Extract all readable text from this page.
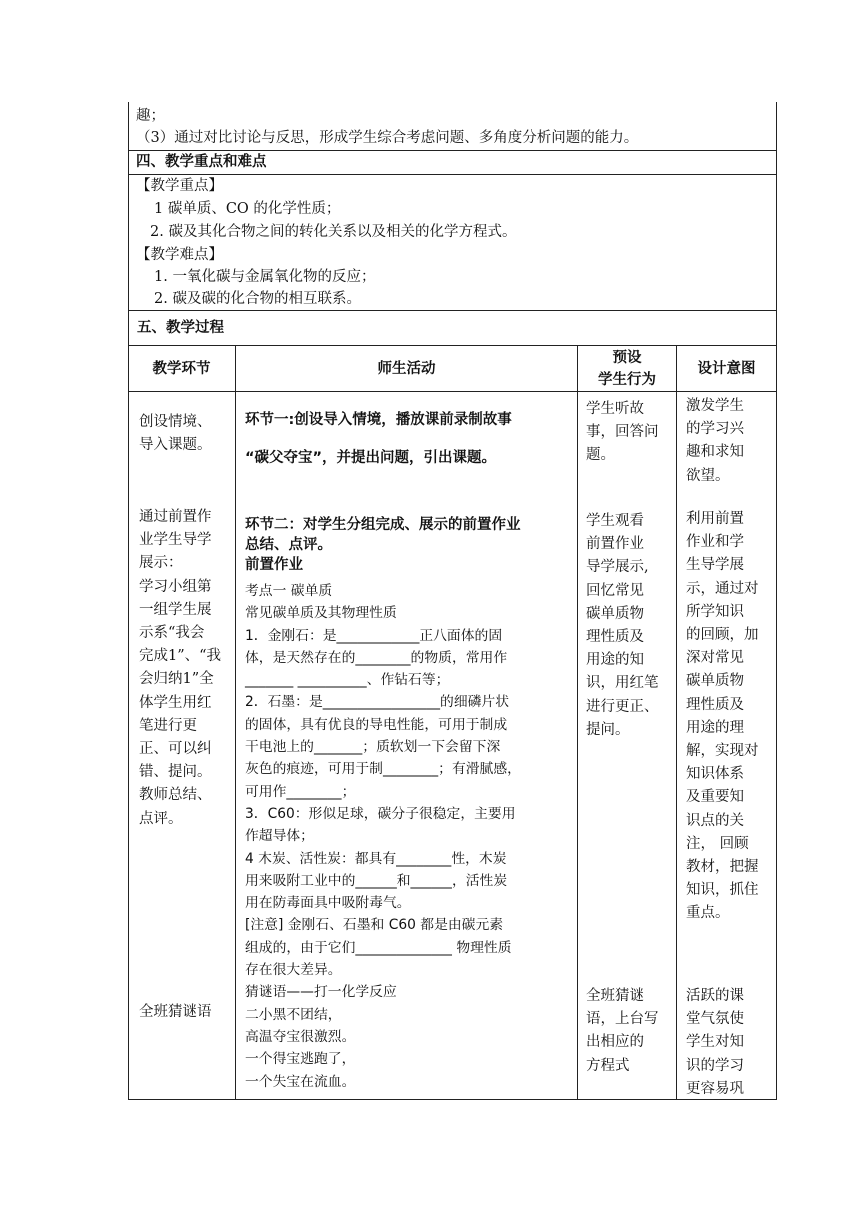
趣；
（3）通过对比讨论与反思，形成学生综合考虑问题、多角度分析问题的能力。
四、教学重点和难点
【教学重点】
1 碳单质、CO 的化学性质；
2. 碳及其化合物之间的转化关系以及相关的化学方程式。
【教学难点】
1. 一氧化碳与金属氧化物的反应；
2. 碳及碳的化合物的相互联系。
五、教学过程
教学环节	师生活动
预设
学生行为
设计意图
创设情境、
导入课题。
环节一:创设导入情境，播放课前录制故事
“碳父夺宝”，并提出问题，引出课题。
学生听故
事，回答问
题。
激发学生
的学习兴
趣和求知
欲望。
通过前置作
业学生导学
展示：
学习小组第
一组学生展
示系“我会
完成1”、“我
会归纳1”全
体学生用红
笔进行更
正、可以纠
错、提问。
教师总结、
点评。
环节二：对学生分组完成、展示的前置作业
总结、点评。
前置作业
考点一 碳单质
常见碳单质及其物理性质
1．金刚石：是____________正八面体的固
体，是天然存在的________的物质，常用作
_______ __________、作钻石等；
2．石墨：是_________________的细磷片状
的固体，具有优良的导电性能，可用于制成
干电池上的_______；质软划一下会留下深
灰色的痕迹，可用于制________；有滑腻感，
可用作________；
3．C60：形似足球，碳分子很稳定，主要用
作超导体；
4 木炭、活性炭：都具有________性，木炭
用来吸附工业中的______和______，活性炭
用在防毒面具中吸附毒气。
[注意] 金刚石、石墨和 C60 都是由碳元素
组成的，由于它们______________ 物理性质
存在很大差异。
猜谜语——打一化学反应
二小黑不团结，
高温夺宝很激烈。
一个得宝逃跑了，
一个失宝在流血。
学生观看
前置作业
导学展示,
回忆常见
碳单质物
理性质及
用途的知
识，用红笔
进行更正、
提问。
利用前置
作业和学
生导学展
示，通过对
所学知识
的回顾，加
深对常见
碳单质物
理性质及
用途的理
解，实现对
知识体系
及重要知
识点的关
注， 回顾
教材，把握
知识，抓住
重点。
全班猜谜语
全班猜谜
语，上台写
出相应的
方程式
活跃的课
堂气氛使
学生对知
识的学习
更容易巩
